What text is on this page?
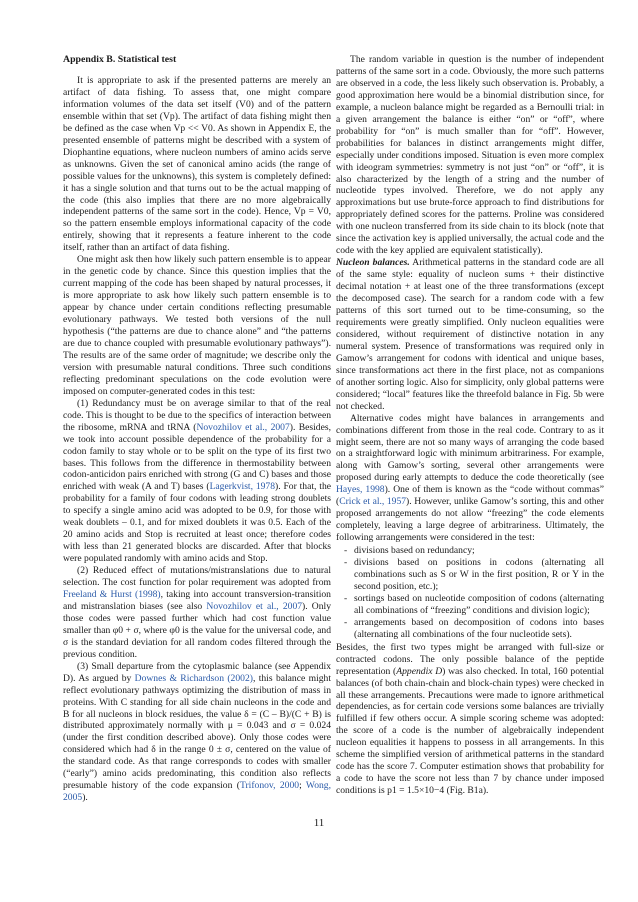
Appendix B. Statistical test

It is appropriate to ask if the presented patterns are merely an artifact of data fishing. To assess that, one might compare information volumes of the data set itself (V0) and of the pattern ensemble within that set (Vp). The artifact of data fishing might then be defined as the case when Vp << V0. As shown in Appendix E, the presented ensemble of patterns might be described with a system of Diophantine equations, where nucleon numbers of amino acids serve as unknowns. Given the set of canonical amino acids (the range of possible values for the unknowns), this system is completely defined: it has a single solution and that turns out to be the actual mapping of the code (this also implies that there are no more algebraically independent patterns of the same sort in the code). Hence, Vp = V0, so the pattern ensemble employs informational capacity of the code entirely, showing that it represents a feature inherent to the code itself, rather than an artifact of data fishing.

One might ask then how likely such pattern ensemble is to appear in the genetic code by chance. Since this question implies that the current mapping of the code has been shaped by natural processes, it is more appropriate to ask how likely such pattern ensemble is to appear by chance under certain conditions reflecting presumable evolutionary pathways. We tested both versions of the null hypothesis (“the patterns are due to chance alone” and “the patterns are due to chance coupled with presumable evolutionary pathways”). The results are of the same order of magnitude; we describe only the version with presumable natural conditions. Three such conditions reflecting predominant speculations on the code evolution were imposed on computer-generated codes in this test:

(1) Redundancy must be on average similar to that of the real code. This is thought to be due to the specifics of interaction between the ribosome, mRNA and tRNA (Novozhilov et al., 2007). Besides, we took into account possible dependence of the probability for a codon family to stay whole or to be split on the type of its first two bases. This follows from the difference in thermostability between codon-anticidon pairs enriched with strong (G and C) bases and those enriched with weak (A and T) bases (Lagerkvist, 1978). For that, the probability for a family of four codons with leading strong doublets to specify a single amino acid was adopted to be 0.9, for those with weak doublets – 0.1, and for mixed doublets it was 0.5. Each of the 20 amino acids and Stop is recruited at least once; therefore codes with less than 21 generated blocks are discarded. After that blocks were populated randomly with amino acids and Stop.

(2) Reduced effect of mutations/mistranslations due to natural selection. The cost function for polar requirement was adopted from Freeland & Hurst (1998), taking into account transversion-transition and mistranslation biases (see also Novozhilov et al., 2007). Only those codes were passed further which had cost function value smaller than φ0 + σ, where φ0 is the value for the universal code, and σ is the standard deviation for all random codes filtered through the previous condition.

(3) Small departure from the cytoplasmic balance (see Appendix D). As argued by Downes & Richardson (2002), this balance might reflect evolutionary pathways optimizing the distribution of mass in proteins. With C standing for all side chain nucleons in the code and B for all nucleons in block residues, the value δ = (C – B)/(C + B) is distributed approximately normally with μ = 0.043 and σ = 0.024 (under the first condition described above). Only those codes were considered which had δ in the range 0 ± σ, centered on the value of the standard code. As that range corresponds to codes with smaller (“early”) amino acids predominating, this condition also reflects presumable history of the code expansion (Trifonov, 2000; Wong, 2005).

The random variable in question is the number of independent patterns of the same sort in a code. Obviously, the more such patterns are observed in a code, the less likely such observation is. Probably, a good approximation here would be a binomial distribution since, for example, a nucleon balance might be regarded as a Bernoulli trial: in a given arrangement the balance is either “on” or “off”, where probability for “on” is much smaller than for “off”. However, probabilities for balances in distinct arrangements might differ, especially under conditions imposed. Situation is even more complex with ideogram symmetries: symmetry is not just “on” or “off”, it is also characterized by the length of a string and the number of nucleotide types involved. Therefore, we do not apply any approximations but use brute-force approach to find distributions for appropriately defined scores for the patterns. Proline was considered with one nucleon transferred from its side chain to its block (note that since the activation key is applied universally, the actual code and the code with the key applied are equivalent statistically).

Nucleon balances. Arithmetical patterns in the standard code are all of the same style: equality of nucleon sums + their distinctive decimal notation + at least one of the three transformations (except the decomposed case). The search for a random code with a few patterns of this sort turned out to be time-consuming, so the requirements were greatly simplified. Only nucleon equalities were considered, without requirement of distinctive notation in any numeral system. Presence of transformations was required only in Gamow’s arrangement for codons with identical and unique bases, since transformations act there in the first place, not as companions of another sorting logic. Also for simplicity, only global patterns were considered; “local” features like the threefold balance in Fig. 5b were not checked.

Alternative codes might have balances in arrangements and combinations different from those in the real code. Contrary to as it might seem, there are not so many ways of arranging the code based on a straightforward logic with minimum arbitrariness. For example, along with Gamow’s sorting, several other arrangements were proposed during early attempts to deduce the code theoretically (see Hayes, 1998). One of them is known as the “code without commas” (Crick et al., 1957). However, unlike Gamow’s sorting, this and other proposed arrangements do not allow “freezing” the code elements completely, leaving a large degree of arbitrariness. Ultimately, the following arrangements were considered in the test:

- divisions based on redundancy;
- divisions based on positions in codons (alternating all combinations such as S or W in the first position, R or Y in the second position, etc.);
- sortings based on nucleotide composition of codons (alternating all combinations of “freezing” conditions and division logic);
- arrangements based on decomposition of codons into bases (alternating all combinations of the four nucleotide sets).

Besides, the first two types might be arranged with full-size or contracted codons. The only possible balance of the peptide representation (Appendix D) was also checked. In total, 160 potential balances (of both chain-chain and block-chain types) were checked in all these arrangements. Precautions were made to ignore arithmetical dependencies, as for certain code versions some balances are trivially fulfilled if few others occur. A simple scoring scheme was adopted: the score of a code is the number of algebraically independent nucleon equalities it happens to possess in all arrangements. In this scheme the simplified version of arithmetical patterns in the standard code has the score 7. Computer estimation shows that probability for a code to have the score not less than 7 by chance under imposed conditions is p1 = 1.5×10−4 (Fig. B1a).

11
